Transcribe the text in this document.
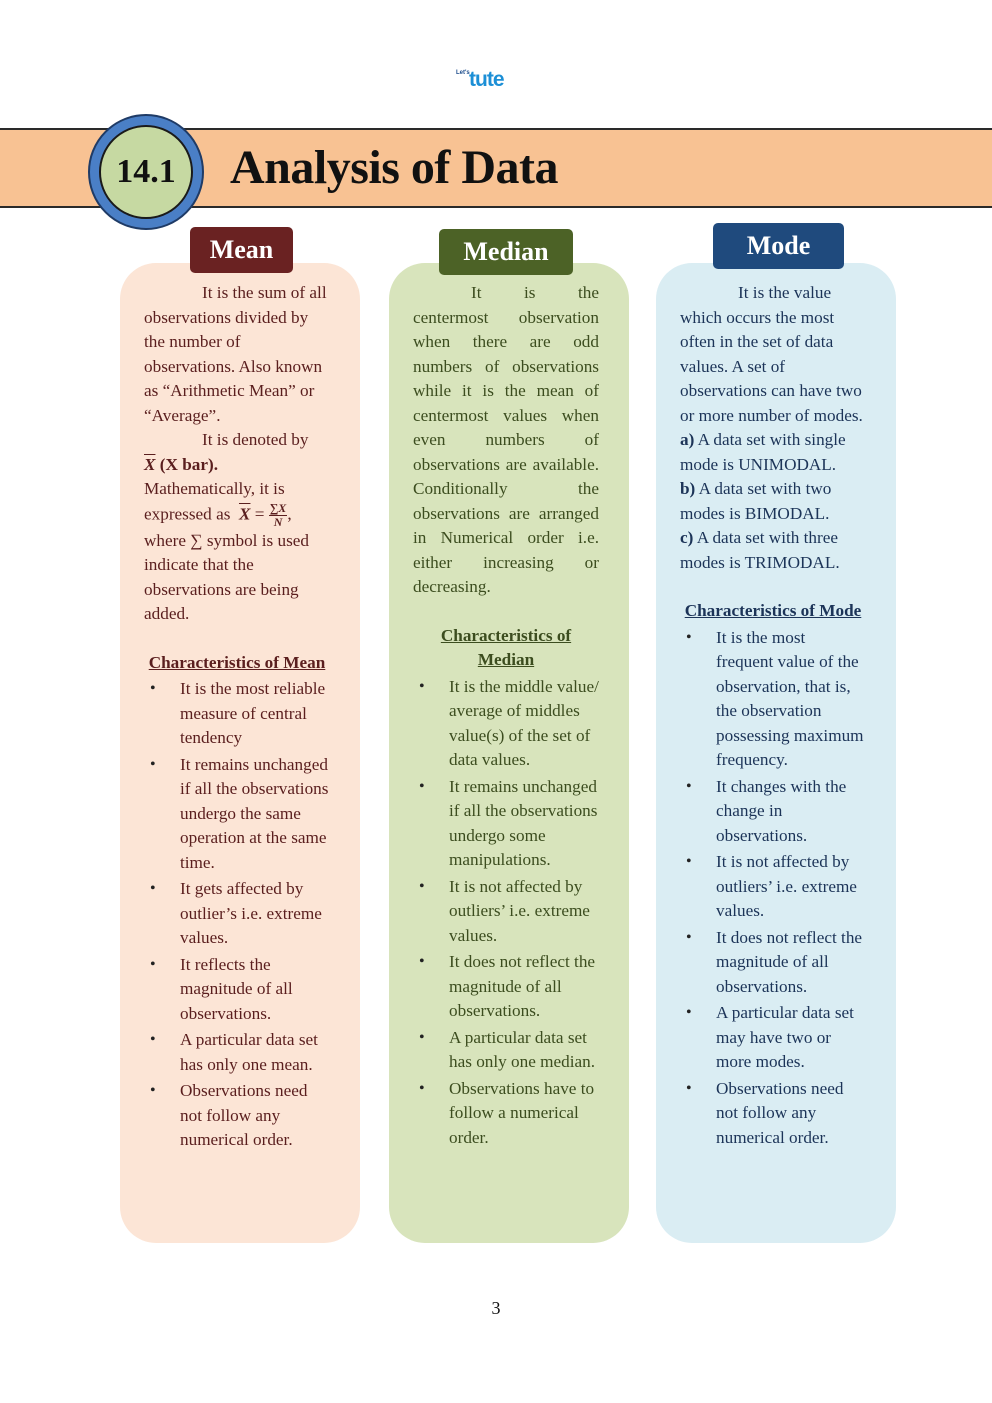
Let's tute
14.1	Analysis of Data

It is the sum of all observations divided by the number of observations. Also known as “Arithmetic Mean” or “Average”.

It is denoted by

$\overline{X}$ (X bar).

Mathematically, it is expressed as $\overline{X} = \frac{\sum X}{N}$ ,

where ∑ symbol is used indicate that the observations are being added.

Characteristics of Mean
• It is the most reliable measure of central tendency
• It remains unchanged if all the observations undergo the same operation at the same time.
• It gets affected by outlier’s i.e. extreme values.
• It reflects the magnitude of all observations.
• A particular data set has only one mean.
• Observations need not follow any numerical order.
Mean

It is the centermost observation when there are odd numbers of observations while it is the mean of centermost values when even numbers of observations are available. Conditionally the observations are arranged in Numerical order i.e. either increasing or decreasing.

Characteristics of Median
• It is the middle value/ average of middles value(s) of the set of data values.
• It remains unchanged if all the observations undergo some manipulations.
• It is not affected by outliers’ i.e. extreme values.
• It does not reflect the magnitude of all observations.
• A particular data set has only one median.
• Observations have to follow a numerical order.
Median

It is the value which occurs the most often in the set of data values. A set of observations can have two or more number of modes.

a) A data set with single mode is UNIMODAL.

b) A data set with two modes is BIMODAL.

c) A data set with three modes is TRIMODAL.

Characteristics of Mode
• It is the most frequent value of the observation, that is, the observation possessing maximum frequency.
• It changes with the change in observations.
• It is not affected by outliers’ i.e. extreme values.
• It does not reflect the magnitude of all observations.
• A particular data set may have two or more modes.
• Observations need not follow any numerical order.
Mode
3
